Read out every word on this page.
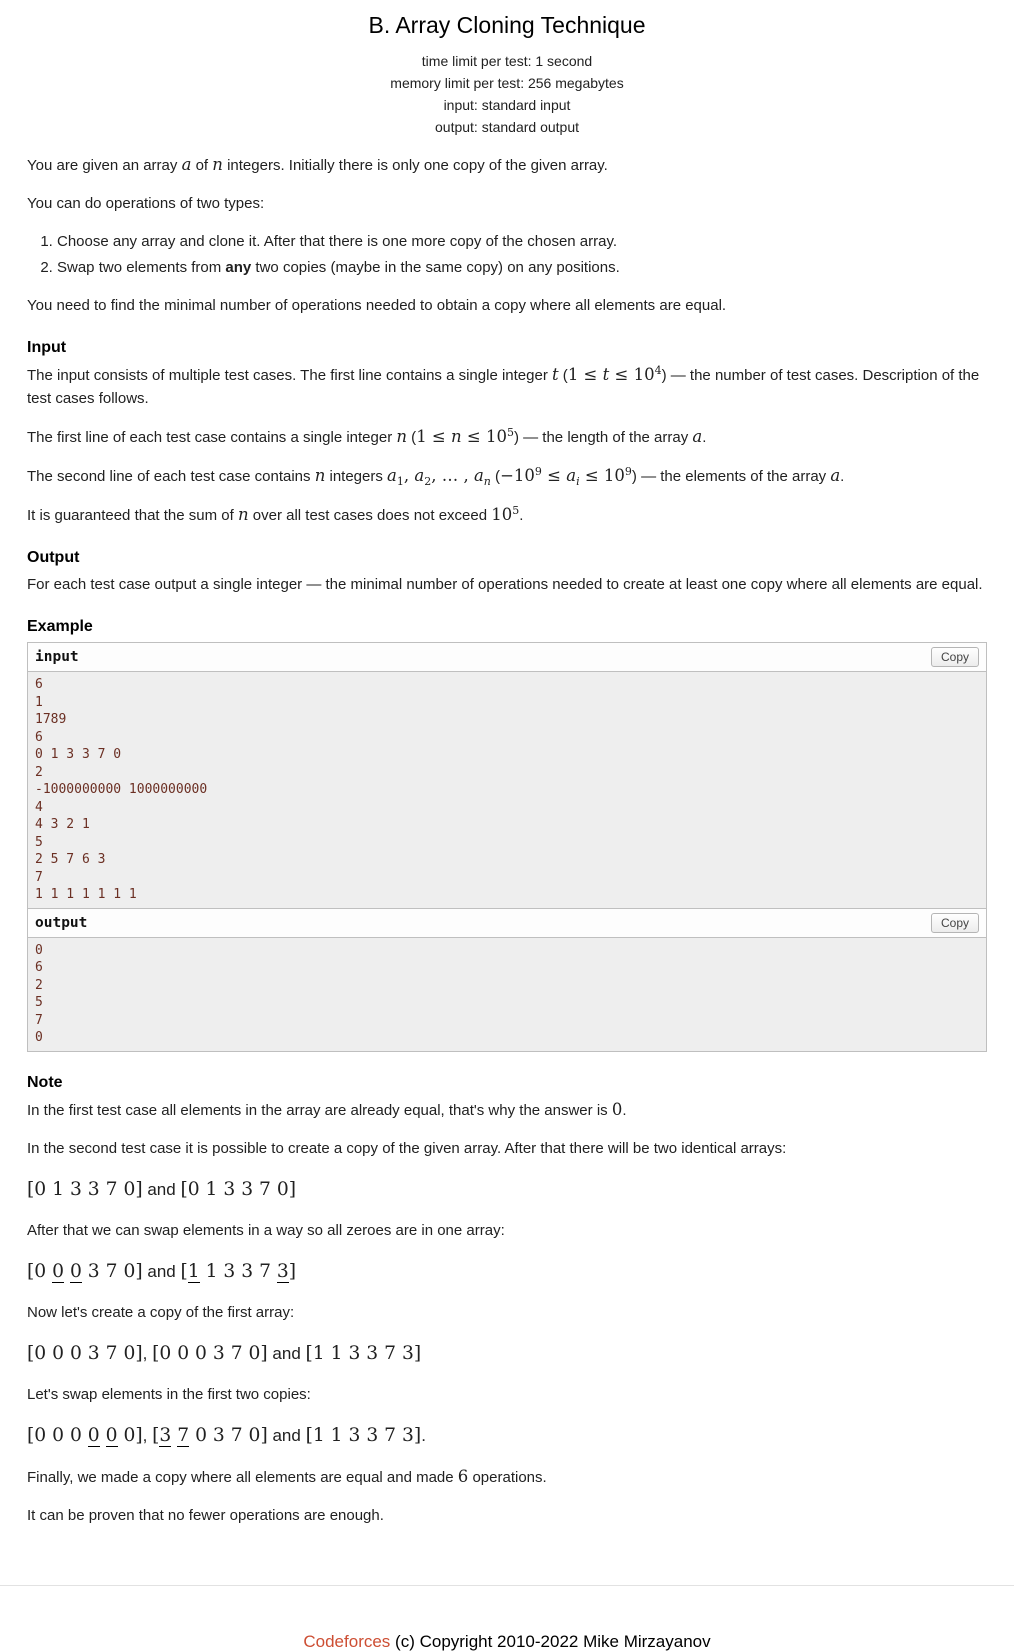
B. Array Cloning Technique
time limit per test: 1 second
memory limit per test: 256 megabytes
input: standard input
output: standard output

You are given an array a of n integers. Initially there is only one copy of the given array.

You can do operations of two types:

1. Choose any array and clone it. After that there is one more copy of the chosen array.
2. Swap two elements from any two copies (maybe in the same copy) on any positions.

You need to find the minimal number of operations needed to obtain a copy where all elements are equal.

Input

The input consists of multiple test cases. The first line contains a single integer t $(1 \le t \le 10^4)$ — the number of test cases. Description of the test cases follows.

The first line of each test case contains a single integer n $(1 \le n \le 10^5)$ — the length of the array a.

The second line of each test case contains n integers $a_1$, $a_2$, … , $a_n$ $(-10^9 \le a_i \le 10^9)$ — the elements of the array a.

It is guaranteed that the sum of n over all test cases does not exceed $10^5$.

Output

For each test case output a single integer — the minimal number of operations needed to create at least one copy where all elements are equal.

Example
input	Copy
6
1
1789
6
0 1 3 3 7 0
2
-1000000000 1000000000
4
4 3 2 1
5
2 5 7 6 3
7
1 1 1 1 1 1 1
output	Copy
0
6
2
5
7
0
Note

In the first test case all elements in the array are already equal, that's why the answer is 0.

In the second test case it is possible to create a copy of the given array. After that there will be two identical arrays:

[0 1 3 3 7 0] and [0 1 3 3 7 0]

After that we can swap elements in a way so all zeroes are in one array:

[0 0 0 3 7 0] and [1 1 3 3 7 3]

Now let's create a copy of the first array:

[0 0 0 3 7 0], [0 0 0 3 7 0] and [1 1 3 3 7 3]

Let's swap elements in the first two copies:

[0 0 0 0 0 0], [3 7 0 3 7 0] and [1 1 3 3 7 3].

Finally, we made a copy where all elements are equal and made 6 operations.

It can be proven that no fewer operations are enough.

Codeforces (c) Copyright 2010-2022 Mike Mirzayanov
